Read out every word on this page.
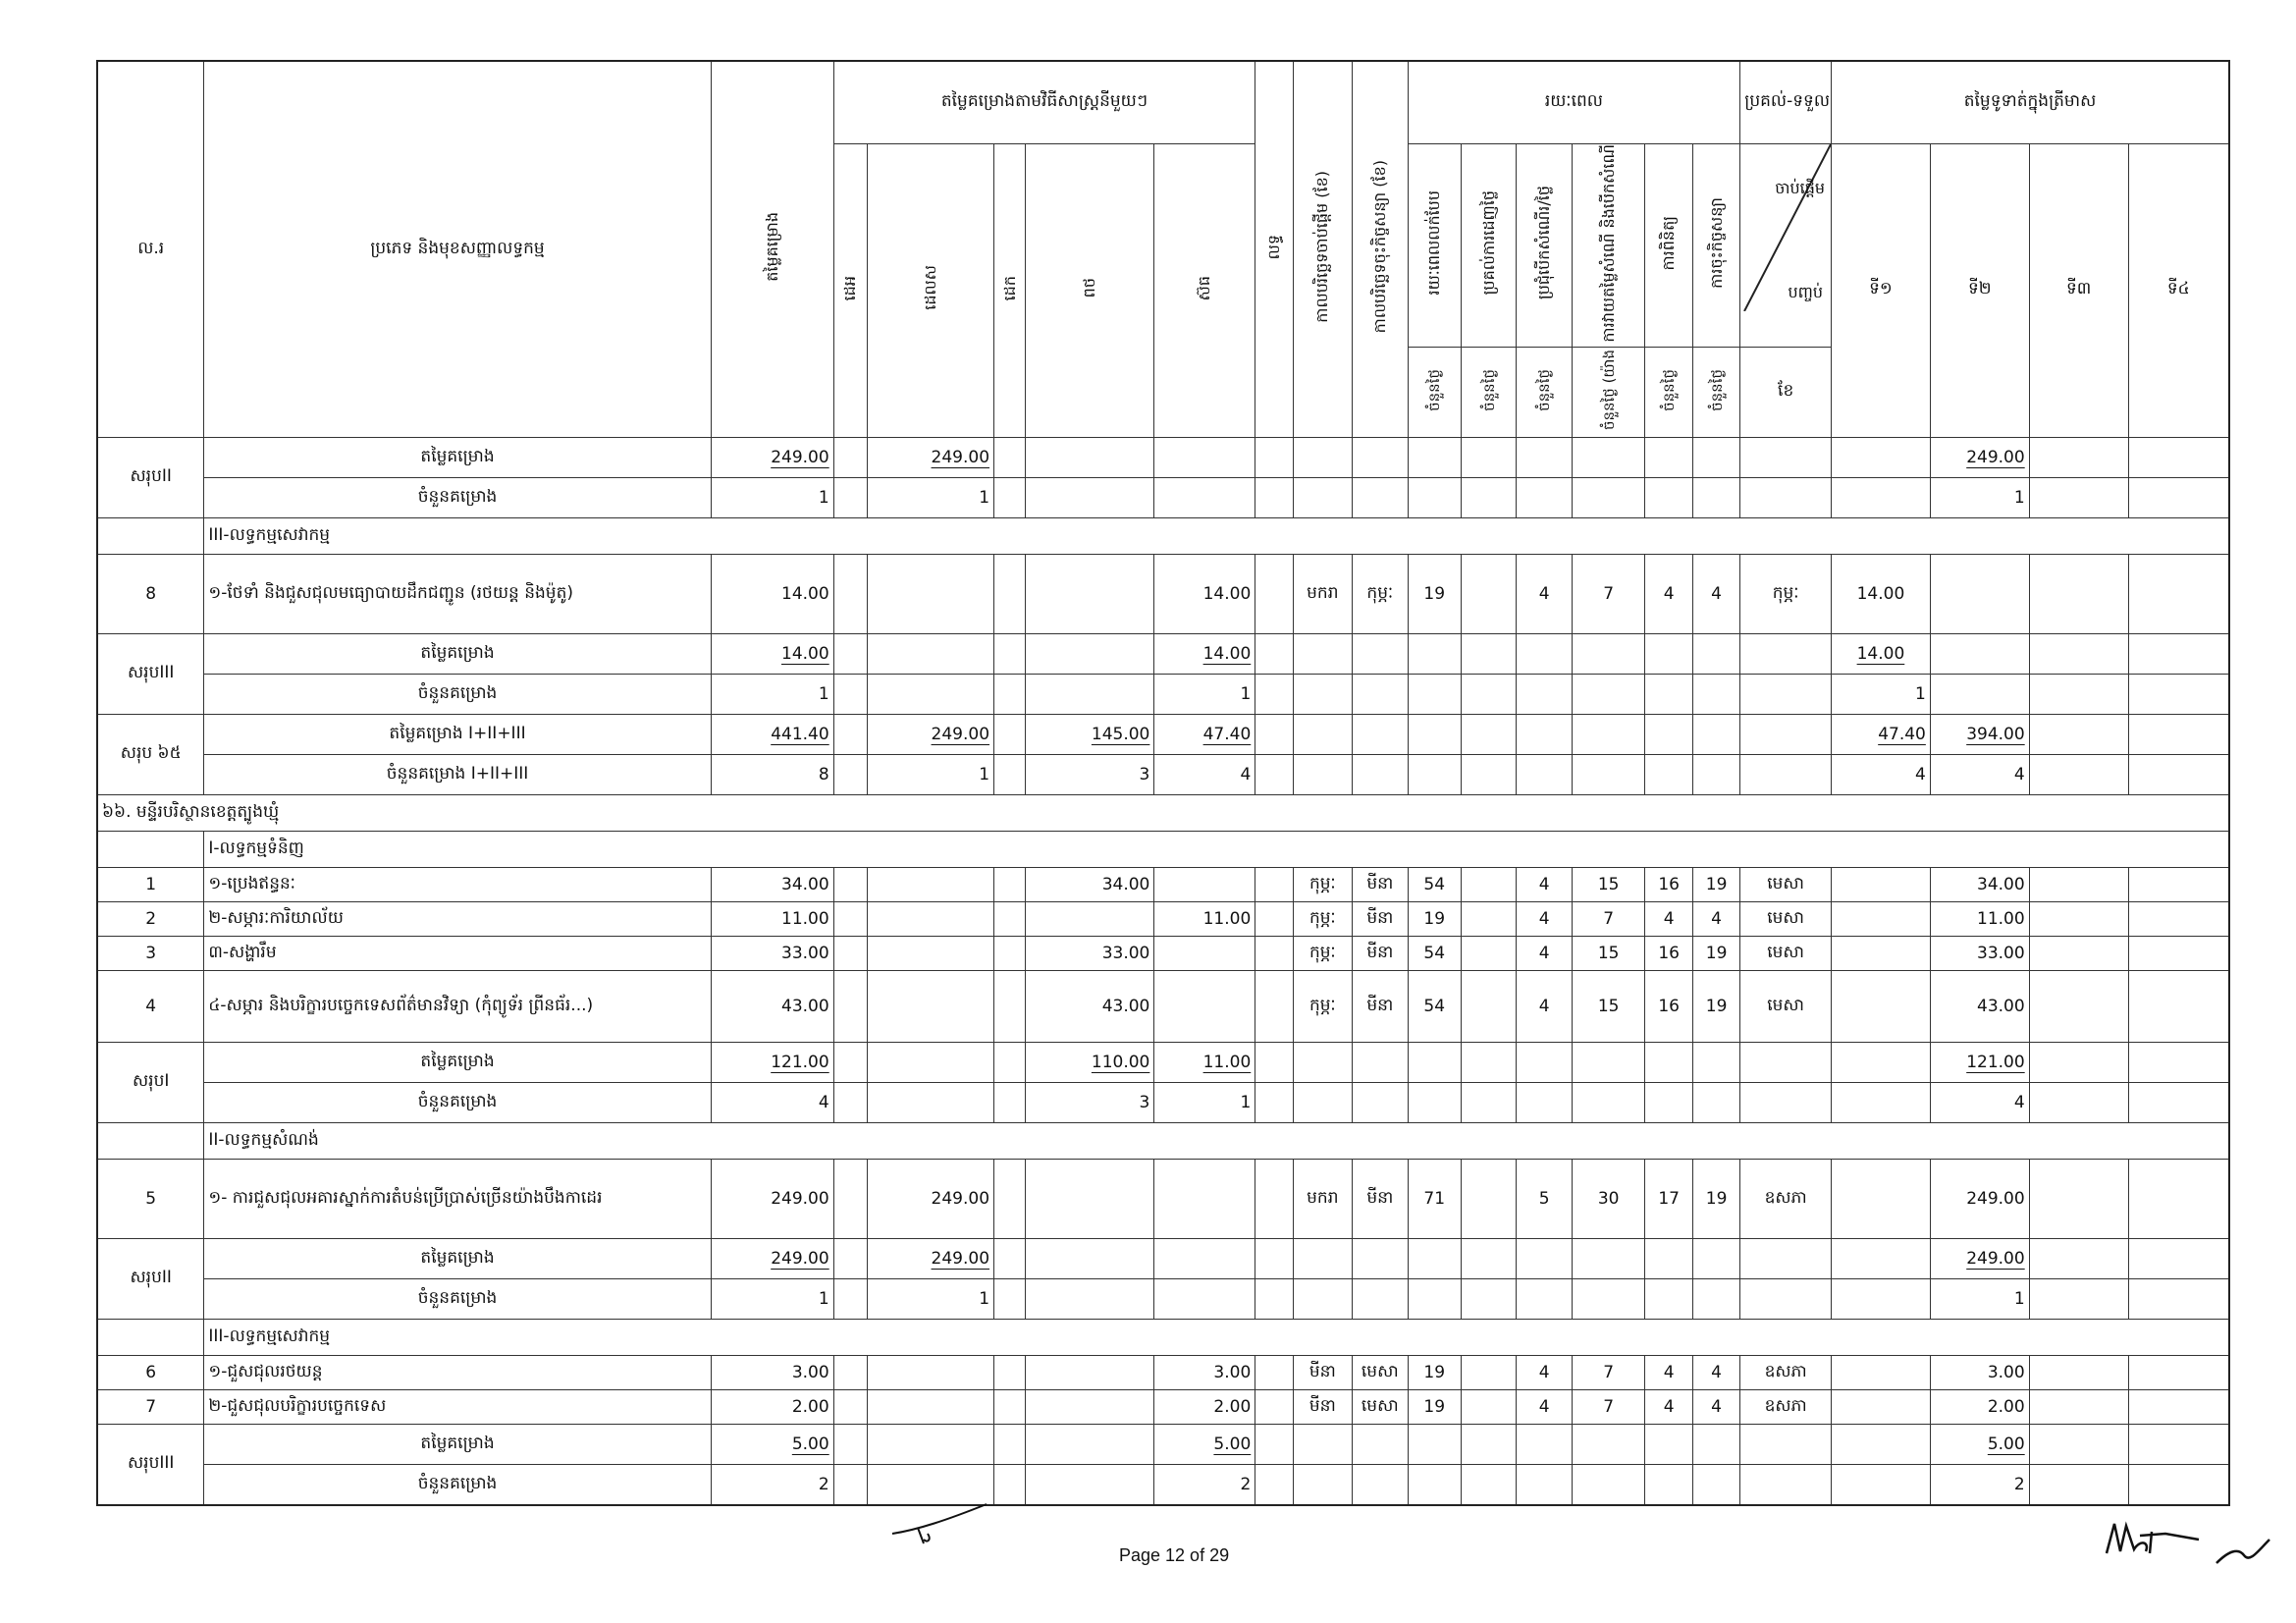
ល.រ	ប្រភេទ និងមុខសញ្ញាលទ្ធកម្ម	តម្លៃគម្រោង	តម្លៃគម្រោងតាមវិធីសាស្ត្រនីមួយៗ					លទ្ធ	កាលបរិច្ឆេទចាប់ផ្តើម (ខែ)	កាលបរិច្ឆេទចុះកិច្ចសន្យា (ខែ)	រយៈពេល						ប្រគល់-ទទួល	តម្លៃទូទាត់ក្នុងត្រីមាស			
			ដេអ	ដេលស	ដេក	ពថ	ស៊ធ				រយៈពេលលក់បែប	ប្រគល់ការដេញថ្លៃ	ប្រជុំបើកសំណើរ/ថ្លៃ	ការវាយតម្លៃសំណើ និងបើកសំណើ	ការពិនិត្យ	ការចុះកិច្ចសន្យា	ចាប់ផ្តើម
បញ្ចប់	ទី១	ទី២	ទី៣	ទី៤
											ចំនួនថ្ងៃ	ចំនួនថ្ងៃ	ចំនួនថ្ងៃ	ចំនួនថ្ងៃ (យ៉ាង	ចំនួនថ្ងៃ	ចំនួនថ្ងៃ	ខែ				
សរុបII	តម្លៃគម្រោង	249.00		249.00															249.00		
	ចំនួនគម្រោង	1		1															1		
	III-លទ្ធកម្មសេវាកម្ម																				
8	១-ថែទាំ និងជួសជុលមធ្យោបាយដឹកជញ្ជូន (រថយន្ត និងម៉ូតូ)	14.00					14.00		មករា	កុម្ភៈ	19		4	7	4	4	កុម្ភៈ	14.00			
សរុបIII	តម្លៃគម្រោង	14.00					14.00											14.00			
	ចំនួនគម្រោង	1					1											1			
សរុប ៦៥	តម្លៃគម្រោង I+II+III	441.40		249.00		145.00	47.40											47.40	394.00		
	ចំនួនគម្រោង I+II+III	8		1		3	4											4	4		
៦៦. មន្ទីរបរិស្ថានខេត្តត្បូងឃ្មុំ																					
	I-លទ្ធកម្មទំនិញ																				
1	១-ប្រេងឥន្ធនៈ	34.00				34.00			កុម្ភៈ	មីនា	54		4	15	16	19	មេសា		34.00		
2	២-សម្ភារៈការិយាល័យ	11.00					11.00		កុម្ភៈ	មីនា	19		4	7	4	4	មេសា		11.00		
3	៣-សង្ហារឹម	33.00				33.00			កុម្ភៈ	មីនា	54		4	15	16	19	មេសា		33.00		
4	៤-សម្ភារ និងបរិក្ខារបច្ចេកទេសព័ត៌មានវិទ្យា (កុំព្យូទ័រ ព្រីនធ័រ...)	43.00				43.00			កុម្ភៈ	មីនា	54		4	15	16	19	មេសា		43.00		
សរុបI	តម្លៃគម្រោង	121.00				110.00	11.00												121.00		
	ចំនួនគម្រោង	4				3	1												4		
	II-លទ្ធកម្មសំណង់																				
5	១- ការជួសជុលអគារស្នាក់ការតំបន់ប្រើប្រាស់ច្រើនយ៉ាងបឹងកាដេរ	249.00		249.00					មករា	មីនា	71		5	30	17	19	ឧសភា		249.00		
សរុបII	តម្លៃគម្រោង	249.00		249.00															249.00		
	ចំនួនគម្រោង	1		1															1		
	III-លទ្ធកម្មសេវាកម្ម																				
6	១-ជួសជុលរថយន្ត	3.00					3.00		មីនា	មេសា	19		4	7	4	4	ឧសភា		3.00		
7	២-ជួសជុលបរិក្ខារបច្ចេកទេស	2.00					2.00		មីនា	មេសា	19		4	7	4	4	ឧសភា		2.00		
សរុបIII	តម្លៃគម្រោង	5.00					5.00												5.00		
	ចំនួនគម្រោង	2					2												2		
Page 12 of 29
